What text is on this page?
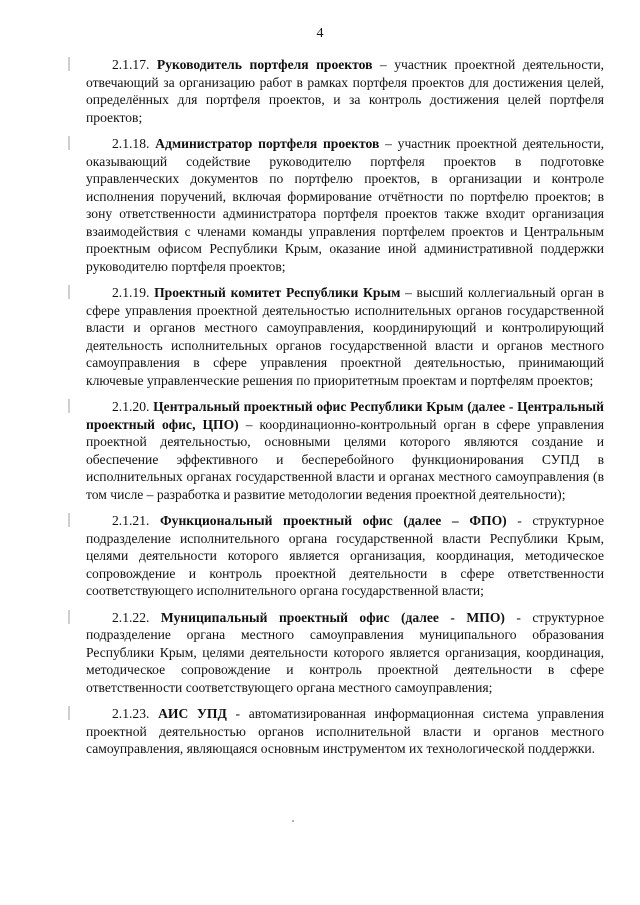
4

2.1.17. Руководитель портфеля проектов – участник проектной деятельности, отвечающий за организацию работ в рамках портфеля проектов для достижения целей, определённых для портфеля проектов, и за контроль достижения целей портфеля проектов;

2.1.18. Администратор портфеля проектов – участник проектной деятельности, оказывающий содействие руководителю портфеля проектов в подготовке управленческих документов по портфелю проектов, в организации и контроле исполнения поручений, включая формирование отчётности по портфелю проектов; в зону ответственности администратора портфеля проектов также входит организация взаимодействия с членами команды управления портфелем проектов и Центральным проектным офисом Республики Крым, оказание иной административной поддержки руководителю портфеля проектов;

2.1.19. Проектный комитет Республики Крым – высший коллегиальный орган в сфере управления проектной деятельностью исполнительных органов государственной власти и органов местного самоуправления, координирующий и контролирующий деятельность исполнительных органов государственной власти и органов местного самоуправления в сфере управления проектной деятельностью, принимающий ключевые управленческие решения по приоритетным проектам и портфелям проектов;

2.1.20. Центральный проектный офис Республики Крым (далее - Центральный проектный офис, ЦПО) – координационно-контрольный орган в сфере управления проектной деятельностью, основными целями которого являются создание и обеспечение эффективного и бесперебойного функционирования СУПД в исполнительных органах государственной власти и органах местного самоуправления (в том числе – разработка и развитие методологии ведения проектной деятельности);

2.1.21. Функциональный проектный офис (далее – ФПО) - структурное подразделение исполнительного органа государственной власти Республики Крым, целями деятельности которого является организация, координация, методическое сопровождение и контроль проектной деятельности в сфере ответственности соответствующего исполнительного органа государственной власти;

2.1.22. Муниципальный проектный офис (далее - МПО) - структурное подразделение органа местного самоуправления муниципального образования Республики Крым, целями деятельности которого является организация, координация, методическое сопровождение и контроль проектной деятельности в сфере ответственности соответствующего органа местного самоуправления;

2.1.23. АИС УПД - автоматизированная информационная система управления проектной деятельностью органов исполнительной власти и органов местного самоуправления, являющаяся основным инструментом их технологической поддержки.
